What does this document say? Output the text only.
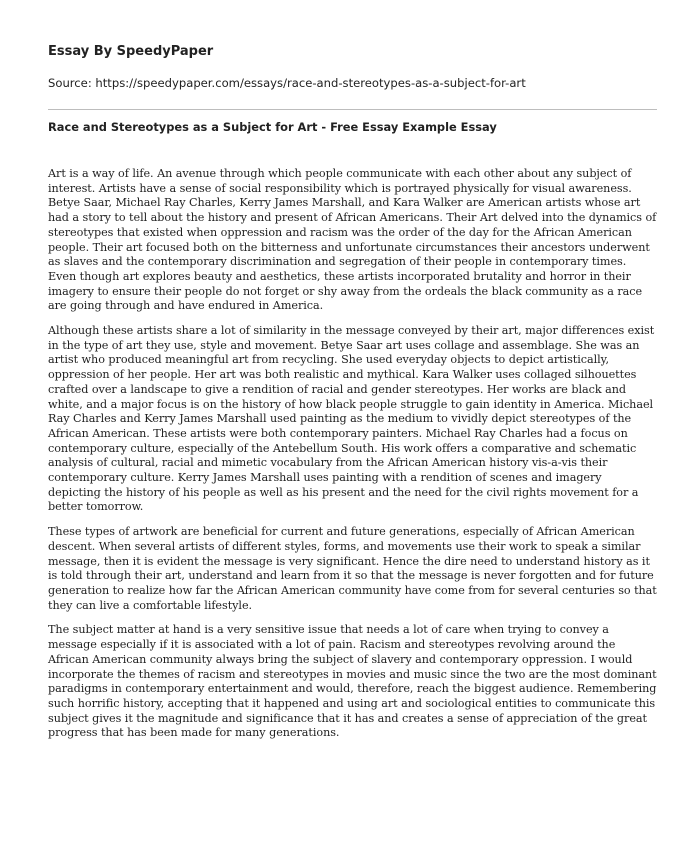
Essay By SpeedyPaper
Source: https://speedypaper.com/essays/race-and-stereotypes-as-a-subject-for-art
Race and Stereotypes as a Subject for Art - Free Essay Example Essay

Art is a way of life. An avenue through which people communicate with each other about any subject of interest. Artists have a sense of social responsibility which is portrayed physically for visual awareness. Betye Saar, Michael Ray Charles, Kerry James Marshall, and Kara Walker are American artists whose art had a story to tell about the history and present of African Americans. Their Art delved into the dynamics of stereotypes that existed when oppression and racism was the order of the day for the African American people. Their art focused both on the bitterness and unfortunate circumstances their ancestors underwent as slaves and the contemporary discrimination and segregation of their people in contemporary times. Even though art explores beauty and aesthetics, these artists incorporated brutality and horror in their imagery to ensure their people do not forget or shy away from the ordeals the black community as a race are going through and have endured in America.

Although these artists share a lot of similarity in the message conveyed by their art, major differences exist in the type of art they use, style and movement. Betye Saar art uses collage and assemblage. She was an artist who produced meaningful art from recycling. She used everyday objects to depict artistically, oppression of her people. Her art was both realistic and mythical. Kara Walker uses collaged silhouettes crafted over a landscape to give a rendition of racial and gender stereotypes. Her works are black and white, and a major focus is on the history of how black people struggle to gain identity in America. Michael Ray Charles and Kerry James Marshall used painting as the medium to vividly depict stereotypes of the African American. These artists were both contemporary painters. Michael Ray Charles had a focus on contemporary culture, especially of the Antebellum South. His work offers a comparative and schematic analysis of cultural, racial and mimetic vocabulary from the African American history vis-a-vis their contemporary culture. Kerry James Marshall uses painting with a rendition of scenes and imagery depicting the history of his people as well as his present and the need for the civil rights movement for a better tomorrow.

These types of artwork are beneficial for current and future generations, especially of African American descent. When several artists of different styles, forms, and movements use their work to speak a similar message, then it is evident the message is very significant. Hence the dire need to understand history as it is told through their art, understand and learn from it so that the message is never forgotten and for future generation to realize how far the African American community have come from for several centuries so that they can live a comfortable lifestyle.

The subject matter at hand is a very sensitive issue that needs a lot of care when trying to convey a message especially if it is associated with a lot of pain. Racism and stereotypes revolving around the African American community always bring the subject of slavery and contemporary oppression. I would incorporate the themes of racism and stereotypes in movies and music since the two are the most dominant paradigms in contemporary entertainment and would, therefore, reach the biggest audience. Remembering such horrific history, accepting that it happened and using art and sociological entities to communicate this subject gives it the magnitude and significance that it has and creates a sense of appreciation of the great progress that has been made for many generations.
